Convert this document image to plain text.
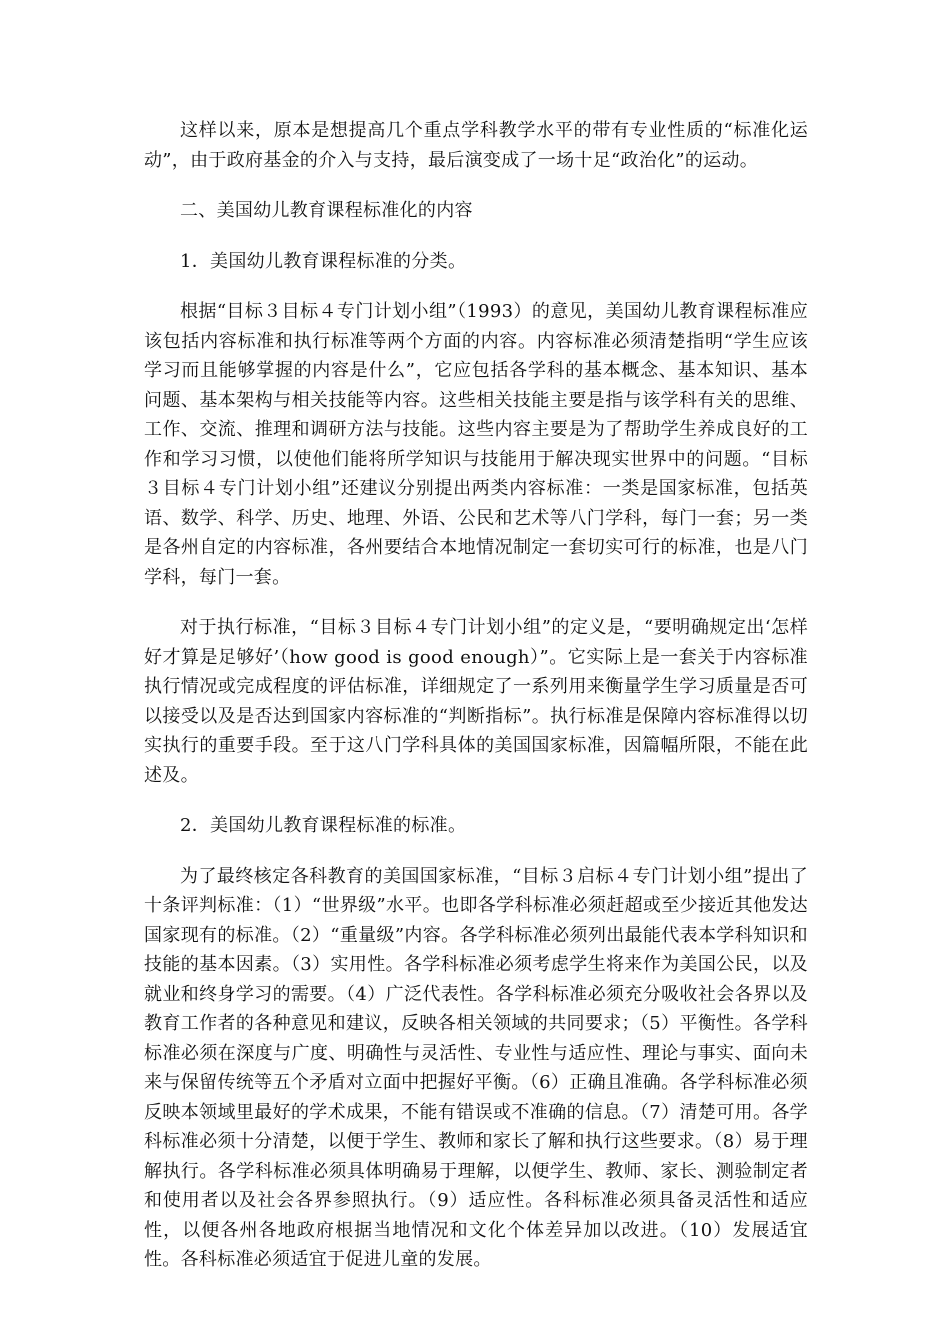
这样以来，原本是想提高几个重点学科教学水平的带有专业性质的“标准化运动”，由于政府基金的介入与支持，最后演变成了一场十足“政治化”的运动。

二、美国幼儿教育课程标准化的内容

1．美国幼儿教育课程标准的分类。

根据“目标３目标４专门计划小组”（1993）的意见，美国幼儿教育课程标准应该包括内容标准和执行标准等两个方面的内容。内容标准必须清楚指明“学生应该学习而且能够掌握的内容是什么”，它应包括各学科的基本概念、基本知识、基本问题、基本架构与相关技能等内容。这些相关技能主要是指与该学科有关的思维、工作、交流、推理和调研方法与技能。这些内容主要是为了帮助学生养成良好的工作和学习习惯，以使他们能将所学知识与技能用于解决现实世界中的问题。“目标３目标４专门计划小组”还建议分别提出两类内容标准：一类是国家标准，包括英语、数学、科学、历史、地理、外语、公民和艺术等八门学科，每门一套；另一类是各州自定的内容标准，各州要结合本地情况制定一套切实可行的标准，也是八门学科，每门一套。

对于执行标准，“目标３目标４专门计划小组”的定义是，“要明确规定出‘怎样好才算是足够好’（how good is good enough）”。它实际上是一套关于内容标准执行情况或完成程度的评估标准，详细规定了一系列用来衡量学生学习质量是否可以接受以及是否达到国家内容标准的“判断指标”。执行标准是保障内容标准得以切实执行的重要手段。至于这八门学科具体的美国国家标准，因篇幅所限，不能在此述及。

2．美国幼儿教育课程标准的标准。

为了最终核定各科教育的美国国家标准，“目标３启标４专门计划小组”提出了十条评判标准：（1）“世界级”水平。也即各学科标准必须赶超或至少接近其他发达国家现有的标准。（2）“重量级”内容。各学科标准必须列出最能代表本学科知识和技能的基本因素。（3）实用性。各学科标准必须考虑学生将来作为美国公民，以及就业和终身学习的需要。（4）广泛代表性。各学科标准必须充分吸收社会各界以及教育工作者的各种意见和建议，反映各相关领域的共同要求；（5）平衡性。各学科标准必须在深度与广度、明确性与灵活性、专业性与适应性、理论与事实、面向未来与保留传统等五个矛盾对立面中把握好平衡。（6）正确且准确。各学科标准必须反映本领域里最好的学术成果，不能有错误或不准确的信息。（7）清楚可用。各学科标准必须十分清楚，以便于学生、教师和家长了解和执行这些要求。（8）易于理解执行。各学科标准必须具体明确易于理解，以便学生、教师、家长、测验制定者和使用者以及社会各界参照执行。（9）适应性。各科标准必须具备灵活性和适应性，以便各州各地政府根据当地情况和文化个体差异加以改进。（10）发展适宜性。各科标准必须适宜于促进儿童的发展。
